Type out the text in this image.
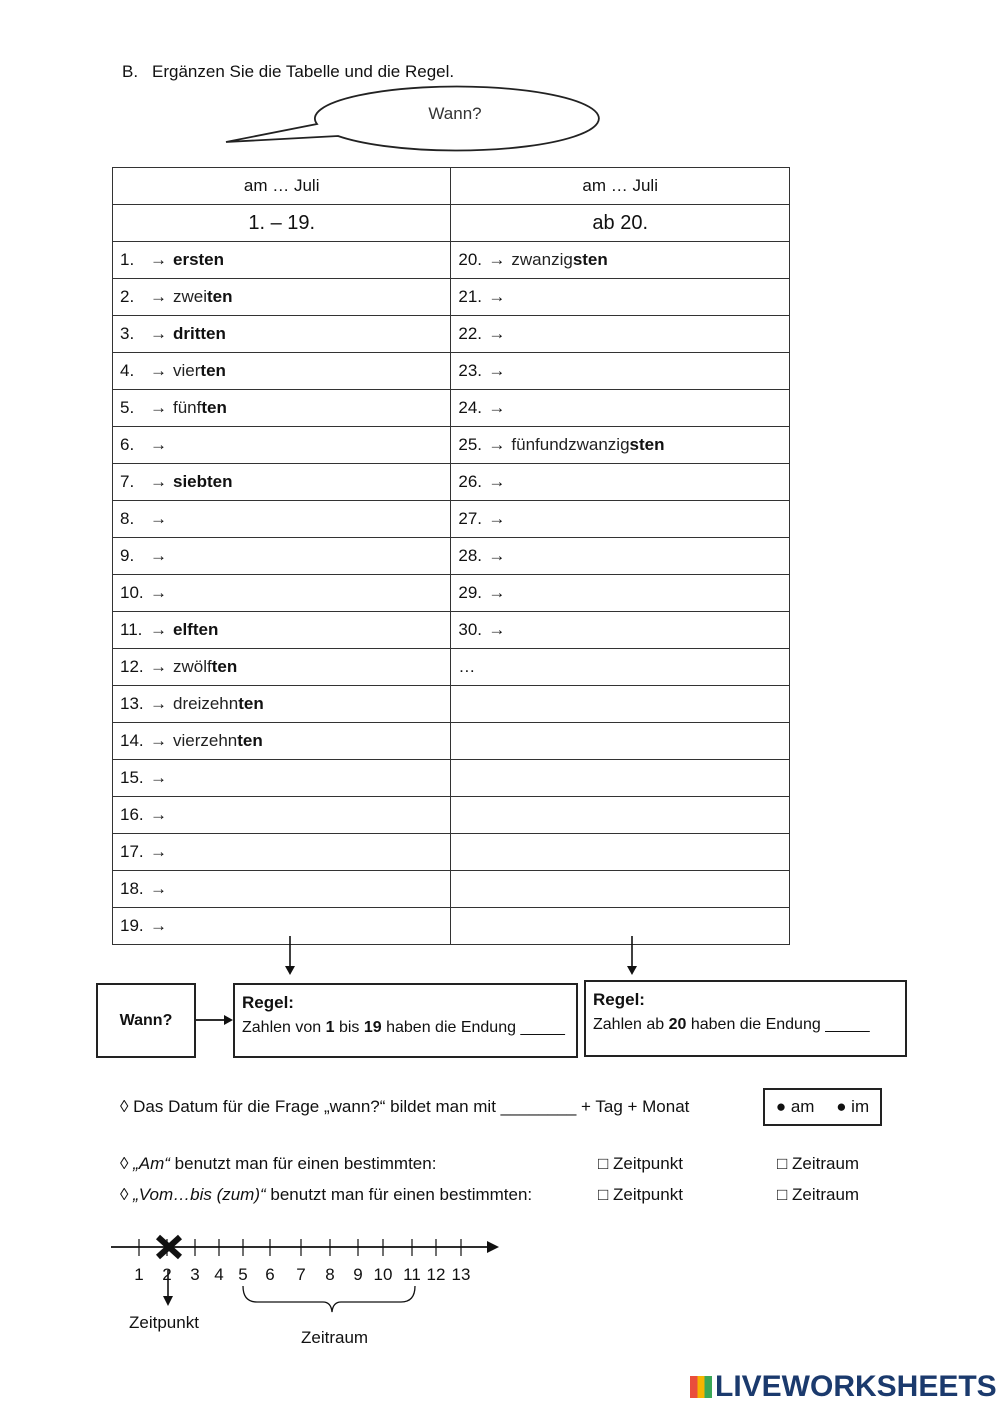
B. Ergänzen Sie die Tabelle und die Regel.
Wann?
am … Juli	am … Juli
1. – 19.	ab 20.
1. → ersten	20. → zwanzigsten
2. → zweiten	21. →
3. → dritten	22. →
4. → vierten	23. →
5. → fünften	24. →
6. →	25. → fünfundzwanzigsten
7. → siebten	26. →
8. →	27. →
9. →	28. →
10. →	29. →
11. → elften	30. →
12. → zwölften	…
13. → dreizehnten	
14. → vierzehnten	
15. →	
16. →	
17. →	
18. →	
19. →	
Wann?
Regel:
Zahlen von 1 bis 19 haben die Endung _____
Regel:
Zahlen ab 20 haben die Endung _____
◊ Das Datum für die Frage „wann?“ bildet man mit ________ + Tag + Monat	● am ● im
◊ „Am“ benutzt man für einen bestimmten:	□ Zeitpunkt	□ Zeitraum
◊ „Vom…bis (zum)“ benutzt man für einen bestimmten:	□ Zeitpunkt	□ Zeitraum
1	2	3 4 5	6	7	8	9 10 11 12 13
Zeitpunkt
Zeitraum
LIVEWORKSHEETS
